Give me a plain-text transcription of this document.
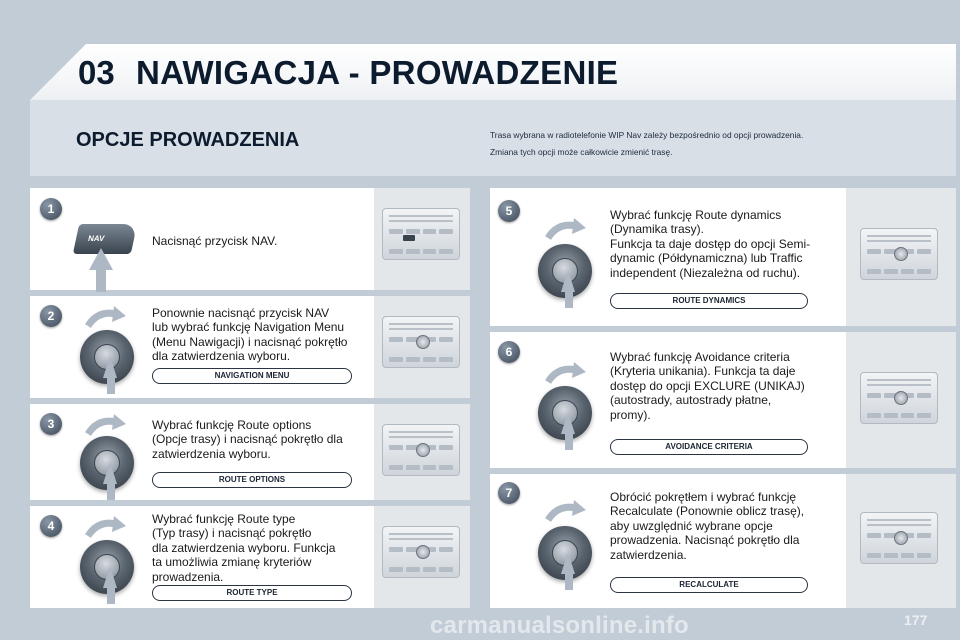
03 NAWIGACJA - PROWADZENIE
OPCJE PROWADZENIA	Trasa wybrana w radiotelefonie WIP Nav zależy bezpośrednio od opcji prowadzenia.
Zmiana tych opcji może całkowicie zmienić trasę.
1
NAV	Nacisnąć przycisk NAV.
2	Ponownie nacisnąć przycisk NAV
lub wybrać funkcję Navigation Menu
(Menu Nawigacji) i nacisnąć pokrętło
dla zatwierdzenia wyboru.
NAVIGATION MENU
3	Wybrać funkcję Route options
(Opcje trasy) i nacisnąć pokrętło dla
zatwierdzenia wyboru.
ROUTE OPTIONS
4	Wybrać funkcję Route type
(Typ trasy) i nacisnąć pokrętło
dla zatwierdzenia wyboru. Funkcja
ta umożliwia zmianę kryteriów
prowadzenia.
ROUTE TYPE
5	Wybrać funkcję Route dynamics
(Dynamika trasy).
Funkcja ta daje dostęp do opcji Semi-
dynamic (Półdynamiczna) lub Traffic
independent (Niezależna od ruchu).
ROUTE DYNAMICS
6	Wybrać funkcję Avoidance criteria
(Kryteria unikania). Funkcja ta daje
dostęp do opcji EXCLURE (UNIKAJ)
(autostrady, autostrady płatne,
promy).
AVOIDANCE CRITERIA
7	Obrócić pokrętłem i wybrać funkcję
Recalculate (Ponownie oblicz trasę),
aby uwzględnić wybrane opcje
prowadzenia. Nacisnąć pokrętło dla
zatwierdzenia.
RECALCULATE
carmanualsonline.info	177
